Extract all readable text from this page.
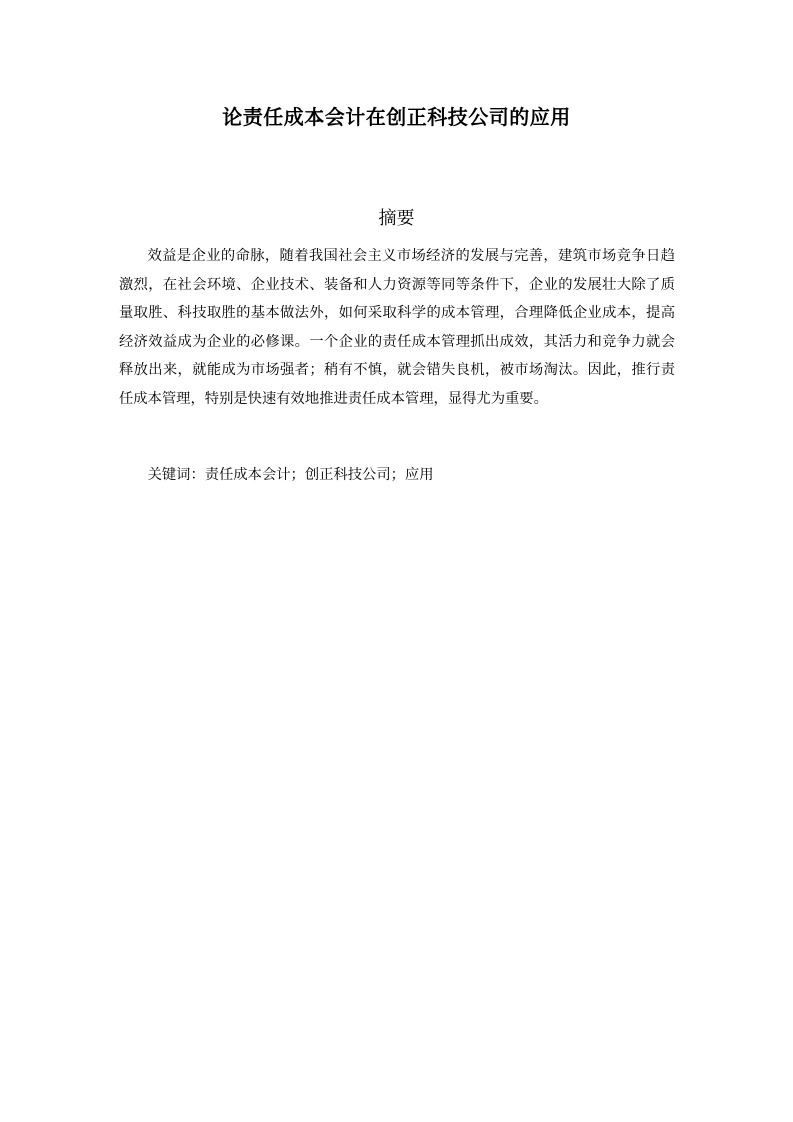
论责任成本会计在创正科技公司的应用
摘要

效益是企业的命脉，随着我国社会主义市场经济的发展与完善，建筑市场竞争日趋激烈，在社会环境、企业技术、装备和人力资源等同等条件下，企业的发展壮大除了质量取胜、科技取胜的基本做法外，如何采取科学的成本管理，合理降低企业成本，提高经济效益成为企业的必修课。一个企业的责任成本管理抓出成效，其活力和竞争力就会释放出来，就能成为市场强者；稍有不慎，就会错失良机，被市场淘汰。因此，推行责任成本管理，特别是快速有效地推进责任成本管理，显得尤为重要。

关键词：责任成本会计；创正科技公司；应用
